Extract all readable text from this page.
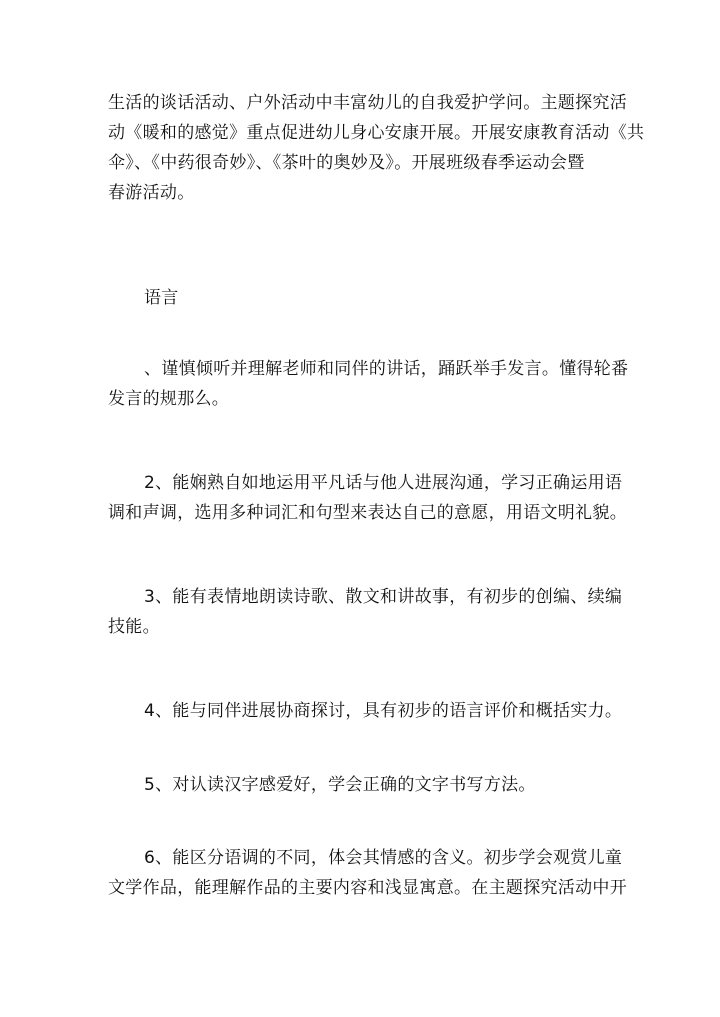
生活的谈话活动、户外活动中丰富幼儿的自我爱护学问。主题探究活
动《暖和的感觉》重点促进幼儿身心安康开展。开展安康教育活动《共
伞》、《中药很奇妙》、《茶叶的奥妙及》。开展班级春季运动会暨
春游活动。

语言

、谨慎倾听并理解老师和同伴的讲话，踊跃举手发言。懂得轮番
发言的规那么。

2、能娴熟自如地运用平凡话与他人进展沟通，学习正确运用语
调和声调，选用多种词汇和句型来表达自己的意愿，用语文明礼貌。

3、能有表情地朗读诗歌、散文和讲故事，有初步的创编、续编
技能。

4、能与同伴进展协商探讨，具有初步的语言评价和概括实力。

5、对认读汉字感爱好，学会正确的文字书写方法。

6、能区分语调的不同，体会其情感的含义。初步学会观赏儿童
文学作品，能理解作品的主要内容和浅显寓意。在主题探究活动中开
